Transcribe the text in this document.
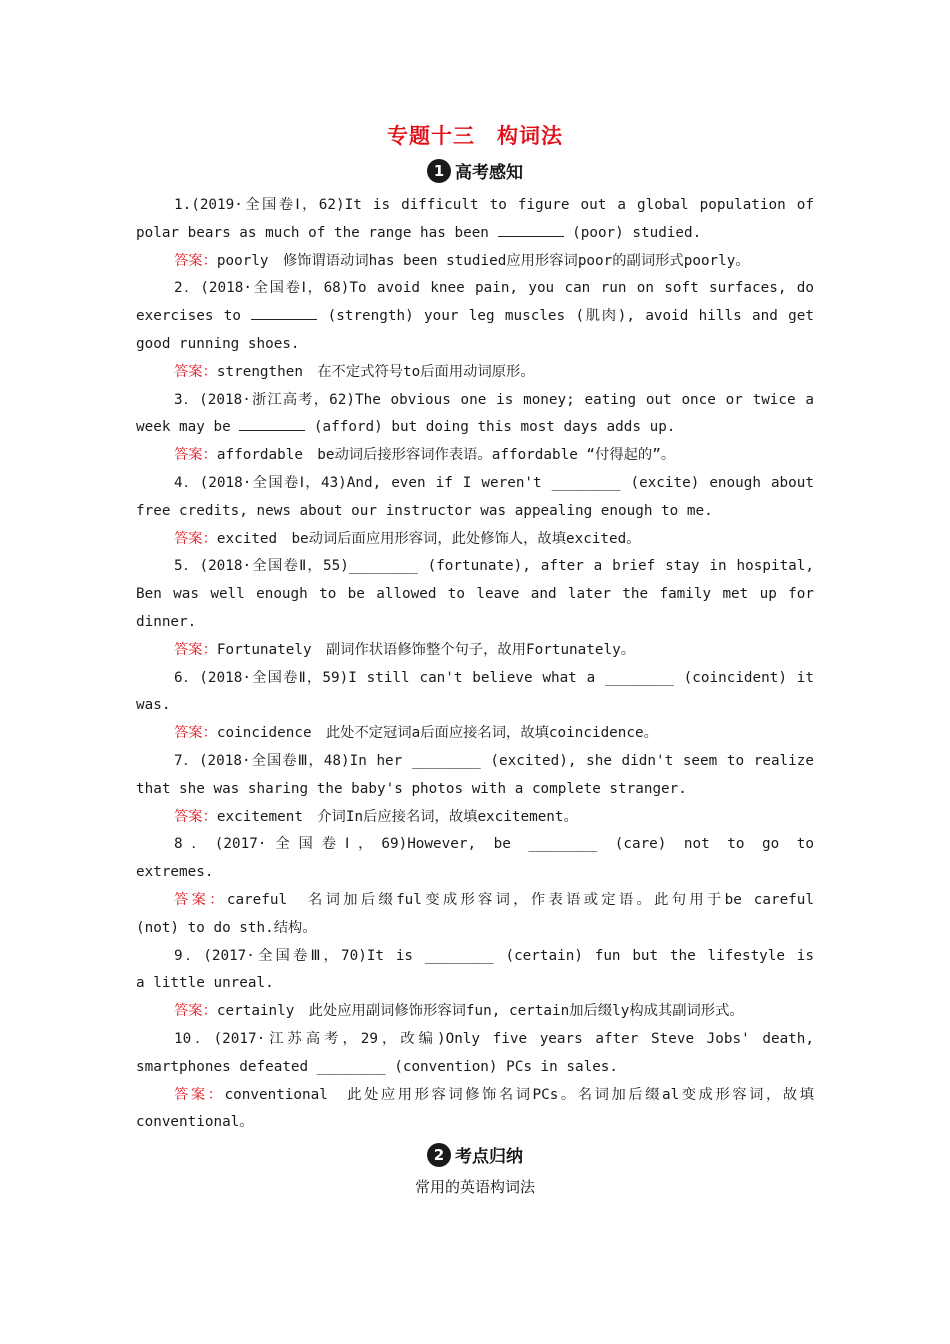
专题十三　构词法
1 高考感知
1.(2019·全国卷Ⅰ，62)It is difficult to figure out a global population of
polar bears as much of the range has been	(poor) studied.
答案：poorly　修饰谓语动词has been studied应用形容词poor的副词形式poorly。
2．(2018·全国卷Ⅰ，68)To avoid knee pain, you can run on soft surfaces, do
exercises to	(strength) your leg muscles (肌肉), avoid hills and get
good running shoes.
答案：strengthen　在不定式符号to后面用动词原形。
3．(2018·浙江高考，62)The obvious one is money; eating out once or twice a
week may be	(afford) but doing this most days adds up.
答案：affordable　be动词后接形容词作表语。affordable “付得起的”。
4．(2018·全国卷Ⅰ，43)And, even if I weren't ________ (excite) enough about
free credits, news about our instructor was appealing enough to me.
答案：excited　be动词后面应用形容词，此处修饰人，故填excited。
5．(2018·全国卷Ⅱ，55)________ (fortunate), after a brief stay in hospital,
Ben was well enough to be allowed to leave and later the family met up for
dinner.
答案：Fortunately　副词作状语修饰整个句子，故用Fortunately。
6．(2018·全国卷Ⅱ，59)I still can't believe what a ________ (coincident) it
was.
答案：coincidence　此处不定冠词a后面应接名词，故填coincidence。
7．(2018·全国卷Ⅲ，48)In her ________ (excited), she didn't seem to realize
that she was sharing the baby's photos with a complete stranger.
答案：excitement　介词In后应接名词，故填excitement。
8．(2017·全国卷Ⅰ，69)However, be ________ (care) not to go to
extremes.
答案：careful　名词加后缀ful变成形容词，作表语或定语。此句用于be careful
(not) to do sth.结构。
9．(2017·全国卷Ⅲ，70)It is ________ (certain) fun but the lifestyle is
a little unreal.
答案：certainly　此处应用副词修饰形容词fun, certain加后缀ly构成其副词形式。
10．(2017·江苏高考，29，改编)Only five years after Steve Jobs' death,
smartphones defeated ________ (convention) PCs in sales.
答案：conventional　此处应用形容词修饰名词PCs。名词加后缀al变成形容词，故填
conventional。
2 考点归纳
常用的英语构词法
